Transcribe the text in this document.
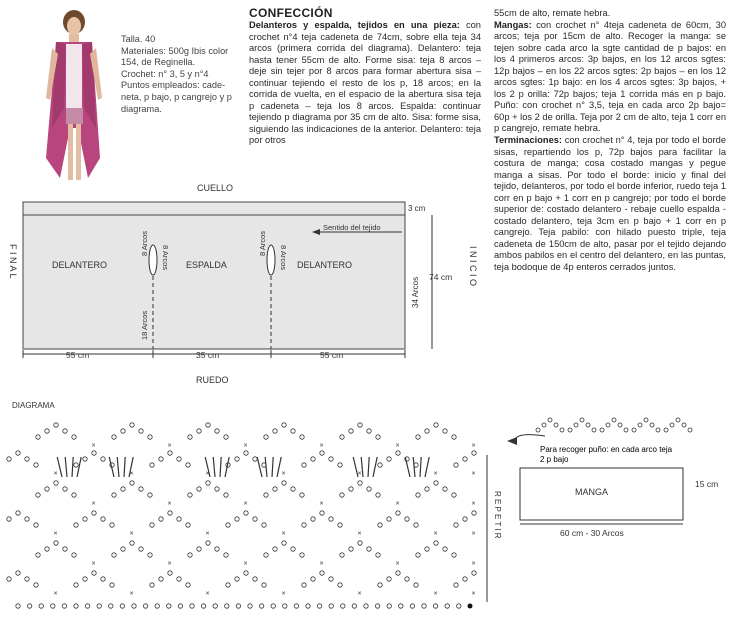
Talla. 40
Materiales: 500g Ibis color
154, de Reginella.
Crochet: n° 3, 5 y n°4
Puntos empleados: cade-
neta, p bajo, p cangrejo y p
diagrama.
CONFECCIÓN
Delanteros y espalda, tejidos en una pieza: con crochet n°4 teja cadeneta de 74cm, sobre ella teja 34 arcos (primera corrida del diagrama). Delantero: teja hasta tener 55cm de alto. Forme sisa: teja 8 arcos – deje sin tejer por 8 arcos para formar abertura sisa – continuar tejiendo el resto de los p, 18 arcos; en la corrida de vuelta, en el espacio de la abertura sisa teja p cadeneta – teja los 8 arcos. Espalda: continuar tejiendo p diagrama por 35 cm de alto. Sisa: forme sisa, siguiendo las indicaciones de la anterior. Delantero: teja por otros
55cm de alto, remate hebra.
Mangas: con crochet n° 4teja cadeneta de 60cm, 30 arcos; teja por 15cm de alto. Recoger la manga: se tejen sobre cada arco la sgte cantidad de p bajos: en los 4 primeros arcos: 3p bajos, en los 12 arcos sgtes: 12p bajos – en los 22 arcos sgtes: 2p bajos – en los 12 arcos sgtes: 1p bajo: en los 4 arcos sgtes: 3p bajos, + los 2 p orilla: 72p bajos; teja 1 corrida más en p bajo. Puño: con crochet n° 3,5, teja en cada arco 2p bajo= 60p + los 2 de orilla. Teja por 2 cm de alto, teja 1 corr en p cangrejo, remate hebra.
Terminaciones: con crochet n° 4, teja por todo el borde sisas, repartiendo los p, 72p bajos para facilitar la costura de manga; cosa costado mangas y pegue manga a sisas. Por todo el borde: inicio y final del tejido, delanteros, por todo el borde inferior, ruedo teja 1 corr en p bajo + 1 corr en p cangrejo; por todo el borde superior de: costado delantero - rebaje cuello espalda - costado delantero, teja 3cm en p bajo + 1 corr en p cangrejo. Teja pabilo: con hilado puesto triple, teja cadeneta de 150cm de alto, pasar por el tejido dejando ambos pabilos en el centro del delantero, en las puntas, teja bodoque de 4p enteros cerrados juntos.
CUELLO
3 cm
F I N A L	I N I C I O
DELANTERO	ESPALDA	DELANTERO
Sentido del tejido
8 Arcos
8 Arcos
8 Arcos
8 Arcos
18 Arcos
34 Arcos 74 cm
55 cm	35 cm	55 cm
RUEDO
DIAGRAMA
×	×	×	×	×	×	×
×	×	×	×	×	×
×	×	×	×	×	×	×
×	×	×	×	×	×
×	×	×	×	×	×	×
×	×	×	×	×	×
R E P E T I R
Para recoger puño: en cada arco teja
2 p bajo
MANGA
15 cm
60 cm - 30 Arcos
